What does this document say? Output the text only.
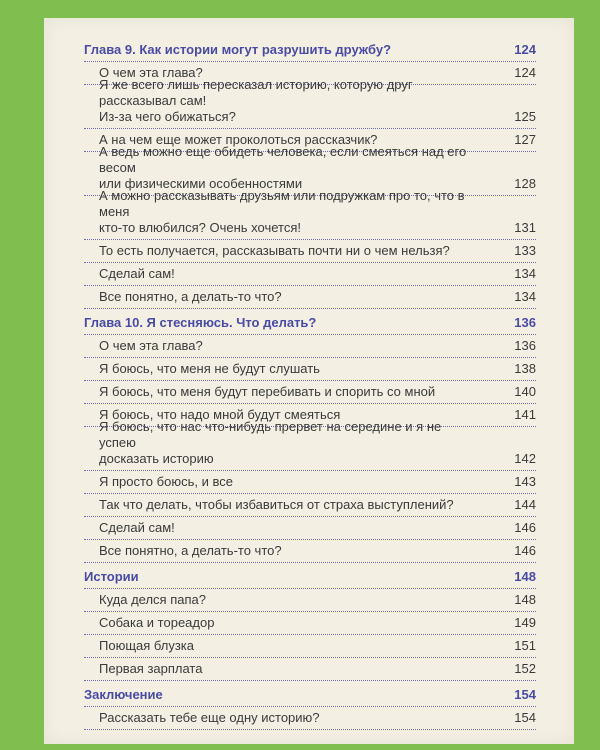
Глава 9. Как истории могут разрушить дружбу?	124
О чем эта глава?	124
Я же всего лишь пересказал историю, которую друг рассказывал сам!
Из-за чего обижаться?	125
А на чем еще может проколоться рассказчик?	127
А ведь можно еще обидеть человека, если смеяться над его весом
или физическими особенностями	128
А можно рассказывать друзьям или подружкам про то, что в меня
кто-то влюбился? Очень хочется!	131
То есть получается, рассказывать почти ни о чем нельзя?	133
Сделай сам!	134
Все понятно, а делать-то что?	134
Глава 10. Я стесняюсь. Что делать?	136
О чем эта глава?	136
Я боюсь, что меня не будут слушать	138
Я боюсь, что меня будут перебивать и спорить со мной	140
Я боюсь, что надо мной будут смеяться	141
Я боюсь, что нас что-нибудь прервет на середине и я не успею
досказать историю	142
Я просто боюсь, и все	143
Так что делать, чтобы избавиться от страха выступлений?	144
Сделай сам!	146
Все понятно, а делать-то что?	146
Истории	148
Куда делся папа?	148
Собака и тореадор	149
Поющая блузка	151
Первая зарплата	152
Заключение	154
Рассказать тебе еще одну историю?	154
